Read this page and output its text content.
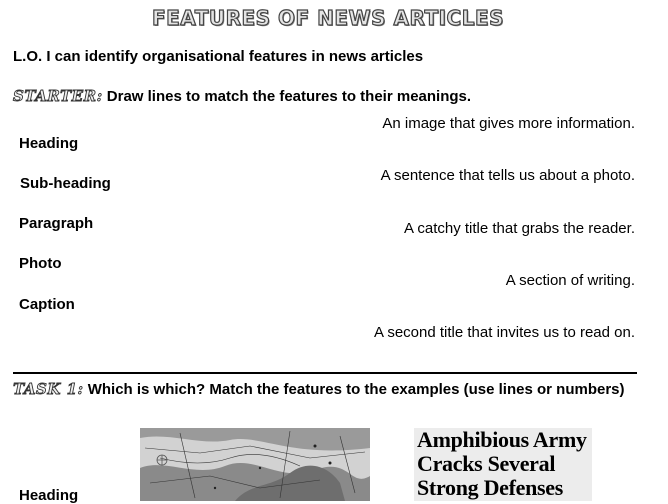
FEATURES OF NEWS ARTICLES
L.O. I can identify organisational features in news articles
STARTER: Draw lines to match the features to their meanings.
Heading
Sub-heading
Paragraph
Photo
Caption
An image that gives more information.
A sentence that tells us about a photo.
A catchy title that grabs the reader.
A section of writing.
A second title that invites us to read on.
TASK 1: Which is which? Match the features to the examples (use lines or numbers)
Amphibious Army
Cracks Several
Strong Defenses
Heading
